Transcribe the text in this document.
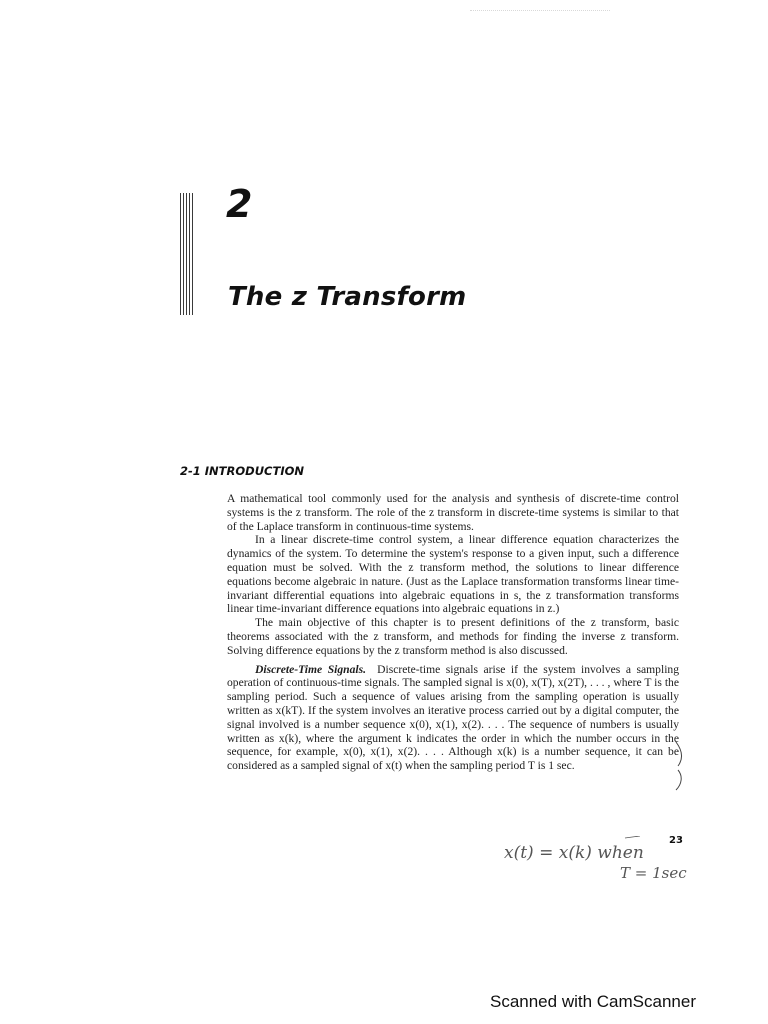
2
The z Transform
2-1 INTRODUCTION

A mathematical tool commonly used for the analysis and synthesis of discrete-time control systems is the z transform. The role of the z transform in discrete-time systems is similar to that of the Laplace transform in continuous-time systems.

In a linear discrete-time control system, a linear difference equation characterizes the dynamics of the system. To determine the system's response to a given input, such a difference equation must be solved. With the z transform method, the solutions to linear difference equations become algebraic in nature. (Just as the Laplace transformation transforms linear time-invariant differential equations into algebraic equations in s, the z transformation transforms linear time-invariant difference equations into algebraic equations in z.)

The main objective of this chapter is to present definitions of the z transform, basic theorems associated with the z transform, and methods for finding the inverse z transform. Solving difference equations by the z transform method is also discussed.

Discrete-Time Signals. Discrete-time signals arise if the system involves a sampling operation of continuous-time signals. The sampled signal is x(0), x(T), x(2T), . . . , where T is the sampling period. Such a sequence of values arising from the sampling operation is usually written as x(kT). If the system involves an iterative process carried out by a digital computer, the signal involved is a number sequence x(0), x(1), x(2). . . . The sequence of numbers is usually written as x(k), where the argument k indicates the order in which the number occurs in the sequence, for example, x(0), x(1), x(2). . . . Although x(k) is a number sequence, it can be considered as a sampled signal of x(t) when the sampling period T is 1 sec.

23
x(t) = x(k) when
T = 1sec
Scanned with CamScanner
